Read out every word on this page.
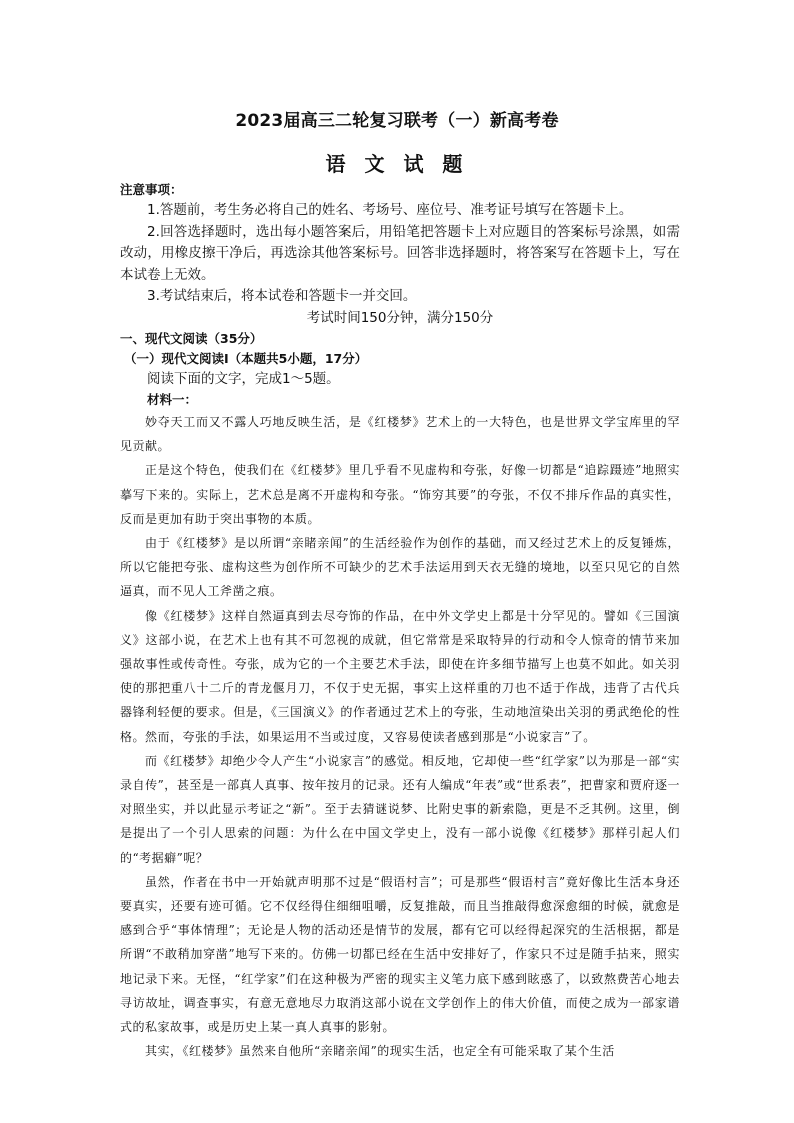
2023届高三二轮复习联考（一）新高考卷
语 文 试 题
注意事项：

1.答题前，考生务必将自己的姓名、考场号、座位号、准考证号填写在答题卡上。

2.回答选择题时，选出每小题答案后，用铅笔把答题卡上对应题目的答案标号涂黑，如需改动，用橡皮擦干净后，再选涂其他答案标号。回答非选择题时，将答案写在答题卡上，写在本试卷上无效。

3.考试结束后，将本试卷和答题卡一并交回。

考试时间150分钟，满分150分
一、现代文阅读（35分）
（一）现代文阅读Ⅰ（本题共5小题，17分）
阅读下面的文字，完成1～5题。
材料一：

妙夺天工而又不露人巧地反映生活，是《红楼梦》艺术上的一大特色，也是世界文学宝库里的罕见贡献。

正是这个特色，使我们在《红楼梦》里几乎看不见虚构和夸张，好像一切都是“追踪蹑迹”地照实摹写下来的。实际上，艺术总是离不开虚构和夸张。“饰穷其要”的夸张，不仅不排斥作品的真实性，反而是更加有助于突出事物的本质。

由于《红楼梦》是以所谓“亲睹亲闻”的生活经验作为创作的基础，而又经过艺术上的反复锤炼，所以它能把夸张、虚构这些为创作所不可缺少的艺术手法运用到天衣无缝的境地，以至只见它的自然逼真，而不见人工斧凿之痕。

像《红楼梦》这样自然逼真到去尽夸饰的作品，在中外文学史上都是十分罕见的。譬如《三国演义》这部小说，在艺术上也有其不可忽视的成就，但它常常是采取特异的行动和令人惊奇的情节来加强故事性或传奇性。夸张，成为它的一个主要艺术手法，即使在许多细节描写上也莫不如此。如关羽使的那把重八十二斤的青龙偃月刀，不仅于史无据，事实上这样重的刀也不适于作战，违背了古代兵器锋利轻便的要求。但是，《三国演义》的作者通过艺术上的夸张，生动地渲染出关羽的勇武绝伦的性格。然而，夸张的手法，如果运用不当或过度，又容易使读者感到那是“小说家言”了。

而《红楼梦》却绝少令人产生“小说家言”的感觉。相反地，它却使一些“红学家”以为那是一部“实录自传”，甚至是一部真人真事、按年按月的记录。还有人编成“年表”或“世系表”，把曹家和贾府逐一对照坐实，并以此显示考证之“新”。至于去猜谜说梦、比附史事的新索隐，更是不乏其例。这里，倒是提出了一个引人思索的问题：为什么在中国文学史上，没有一部小说像《红楼梦》那样引起人们的“考据癖”呢？

虽然，作者在书中一开始就声明那不过是“假语村言”；可是那些“假语村言”竟好像比生活本身还要真实，还要有迹可循。它不仅经得住细细咀嚼，反复推敲，而且当推敲得愈深愈细的时候，就愈是感到合乎“事体情理”；无论是人物的活动还是情节的发展，都有它可以经得起深究的生活根据，都是所谓“不敢稍加穿凿”地写下来的。仿佛一切都已经在生活中安排好了，作家只不过是随手拈来，照实地记录下来。无怪，“红学家”们在这种极为严密的现实主义笔力底下感到眩惑了，以致熬费苦心地去寻访故址，调查事实，有意无意地尽力取消这部小说在文学创作上的伟大价值，而使之成为一部家谱式的私家故事，或是历史上某一真人真事的影射。

其实，《红楼梦》虽然来自他所“亲睹亲闻”的现实生活，也定全有可能采取了某个生活
